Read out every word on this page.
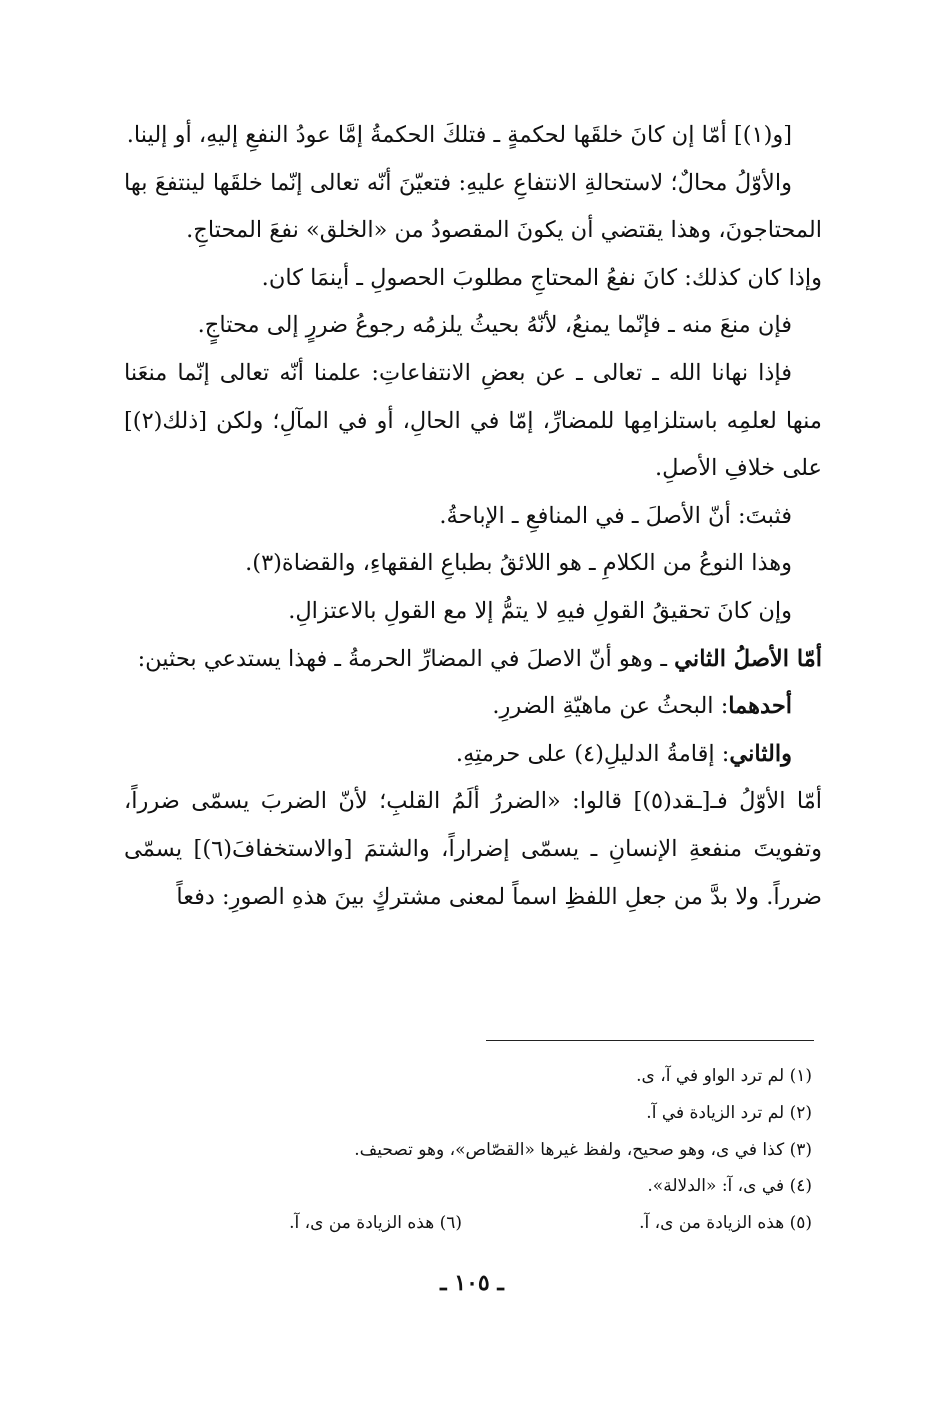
[و(١)] أمّا إن كانَ خلقَها لحكمةٍ ـ فتلكَ الحكمةُ إمَّا عودُ النفعِ إليهِ، أو إلينا.

والأوّلُ محالٌ؛ لاستحالةِ الانتفاعِ عليهِ: فتعيّنَ أنّه تعالى إنّما خلقَها لينتفعَ بها المحتاجونَ، وهذا يقتضي أن يكونَ المقصودُ من «الخلق» نفعَ المحتاجِ.

وإذا كان كذلك: كانَ نفعُ المحتاجِ مطلوبَ الحصولِ ـ أينمَا كان.

فإن منعَ منه ـ فإنّما يمنعُ، لأنّهُ بحيثُ يلزمُه رجوعُ ضررٍ إلى محتاجٍ.

فإذا نهانا الله ـ تعالى ـ عن بعضِ الانتفاعاتِ: علمنا أنّه تعالى إنّما منعَنا منها لعلمِه باستلزامِها للمضارِّ، إمّا في الحالِ، أو في المآلِ؛ ولكن [ذلك(٢)] على خلافِ الأصلِ.

فثبتَ: أنّ الأصلَ ـ في المنافعِ ـ الإباحةُ.

وهذا النوعُ من الكلامِ ـ هو اللائقُ بطباعِ الفقهاءِ، والقضاة(٣).

وإن كانَ تحقيقُ القولِ فيهِ لا يتمُّ إلا مع القولِ بالاعتزالِ.

أمّا الأصلُ الثاني ـ وهو أنّ الاصلَ في المضارِّ الحرمةُ ـ فهذا يستدعي بحثين:

أحدهما: البحثُ عن ماهيّةِ الضررِ.

والثاني: إقامةُ الدليلِ(٤) على حرمتِهِ.

أمّا الأوّلُ فـ[ـقد(٥)] قالوا: «الضررُ ألَمُ القلبِ؛ لأنّ الضربَ يسمّى ضرراً، وتفويتَ منفعةِ الإنسانِ ـ يسمّى إضراراً، والشتمَ [والاستخفافَ(٦)] يسمّى ضرراً. ولا بدَّ من جعلِ اللفظِ اسماً لمعنى مشتركٍ بينَ هذهِ الصورِ: دفعاً

(١) لم ترد الواو في آ، ى.

(٢) لم ترد الزيادة في آ.

(٣) كذا في ى، وهو صحيح، ولفظ غيرها «القصّاص»، وهو تصحيف.

(٤) في ى، آ: «الدلالة».

(٥) هذه الزيادة من ى، آ.
(٦) هذه الزيادة من ى، آ.
ـ ١٠٥ ـ
